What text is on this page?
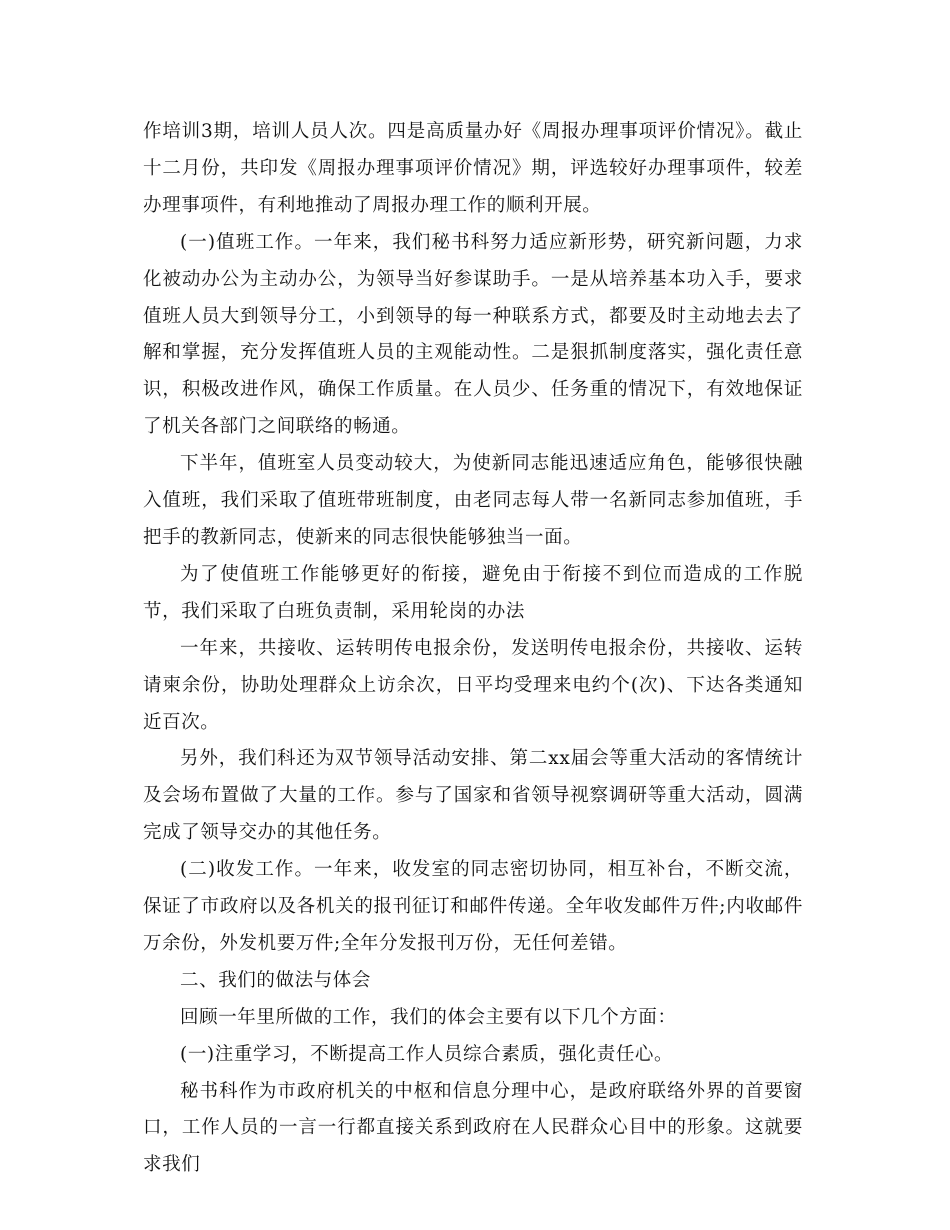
作培训3期，培训人员人次。四是高质量办好《周报办理事项评价情况》。截止十二月份，共印发《周报办理事项评价情况》期，评选较好办理事项件，较差办理事项件，有利地推动了周报办理工作的顺利开展。

(一)值班工作。一年来，我们秘书科努力适应新形势，研究新问题，力求化被动办公为主动办公，为领导当好参谋助手。一是从培养基本功入手，要求值班人员大到领导分工，小到领导的每一种联系方式，都要及时主动地去去了解和掌握，充分发挥值班人员的主观能动性。二是狠抓制度落实，强化责任意识，积极改进作风，确保工作质量。在人员少、任务重的情况下，有效地保证了机关各部门之间联络的畅通。

下半年，值班室人员变动较大，为使新同志能迅速适应角色，能够很快融入值班，我们采取了值班带班制度，由老同志每人带一名新同志参加值班，手把手的教新同志，使新来的同志很快能够独当一面。

为了使值班工作能够更好的衔接，避免由于衔接不到位而造成的工作脱节，我们采取了白班负责制，采用轮岗的办法

一年来，共接收、运转明传电报余份，发送明传电报余份，共接收、运转请柬余份，协助处理群众上访余次，日平均受理来电约个(次)、下达各类通知近百次。

另外，我们科还为双节领导活动安排、第二xx届会等重大活动的客情统计及会场布置做了大量的工作。参与了国家和省领导视察调研等重大活动，圆满完成了领导交办的其他任务。

(二)收发工作。一年来，收发室的同志密切协同，相互补台，不断交流，保证了市政府以及各机关的报刊征订和邮件传递。全年收发邮件万件;内收邮件万余份，外发机要万件;全年分发报刊万份，无任何差错。

二、我们的做法与体会

回顾一年里所做的工作，我们的体会主要有以下几个方面：

(一)注重学习，不断提高工作人员综合素质，强化责任心。

秘书科作为市政府机关的中枢和信息分理中心，是政府联络外界的首要窗口，工作人员的一言一行都直接关系到政府在人民群众心目中的形象。这就要求我们
